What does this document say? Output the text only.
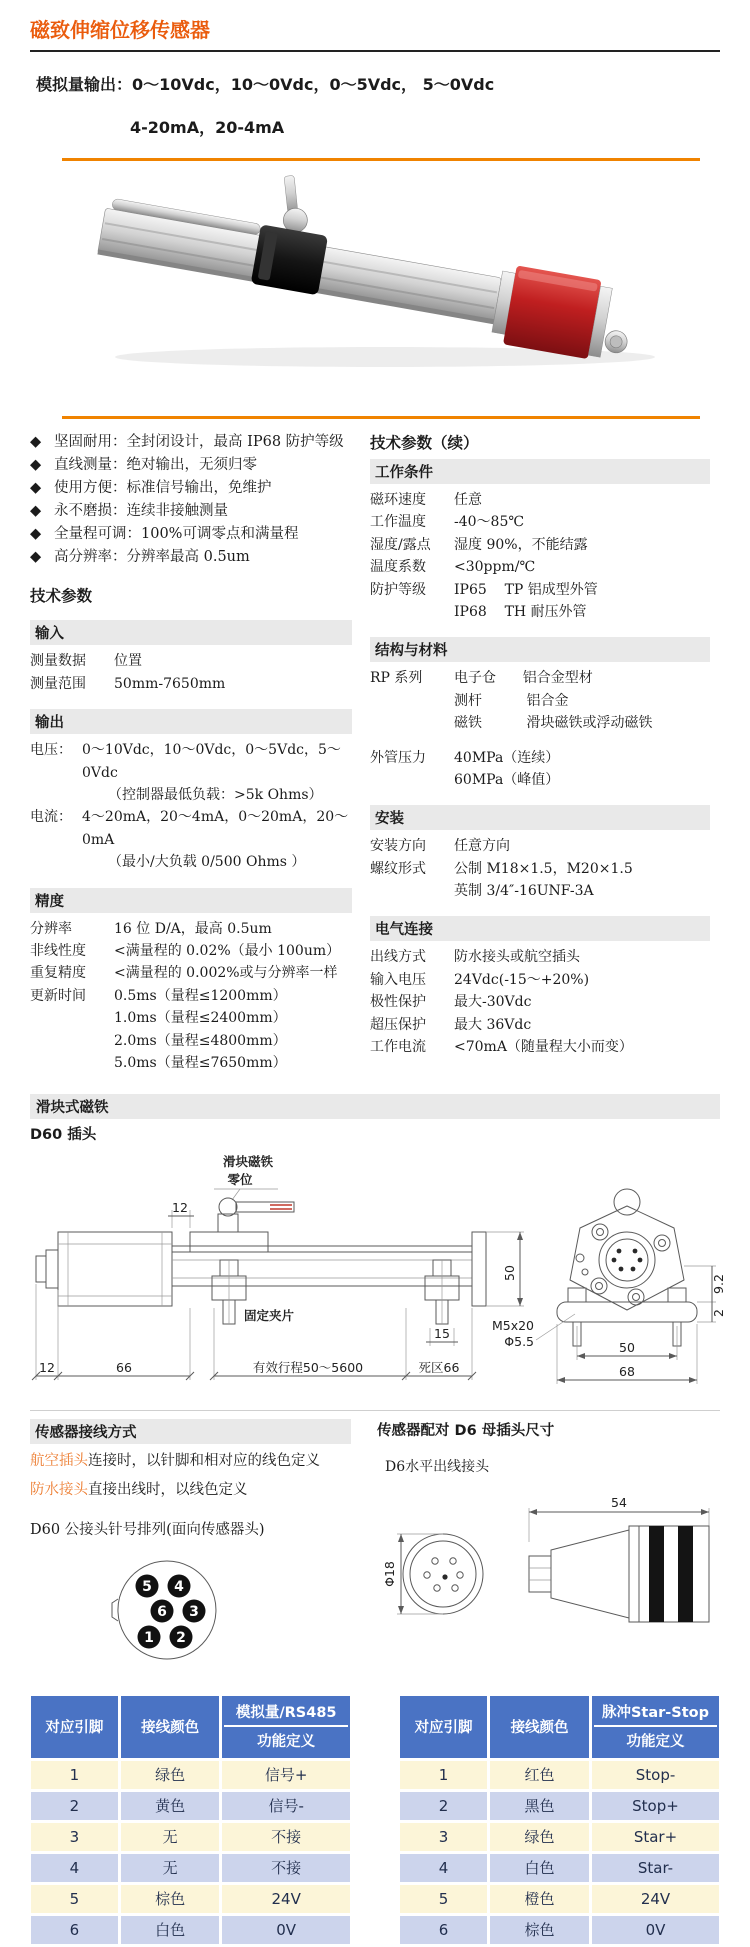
磁致伸缩位移传感器
模拟量输出：0～10Vdc，10～0Vdc，0～5Vdc， 5～0Vdc
4-20mA，20-4mA
◆ 坚固耐用：全封闭设计，最高 IP68 防护等级
◆ 直线测量：绝对输出，无须归零
◆ 使用方便：标准信号输出，免维护
◆ 永不磨损：连续非接触测量
◆ 全量程可调：100%可调零点和满量程
◆ 高分辨率：分辨率最高 0.5um
技术参数
输入
测量数据	位置
测量范围	50mm-7650mm
输出
电压： 0～10Vdc，10～0Vdc，0～5Vdc，5～0Vdc
（控制器最低负载：>5k Ohms）
电流： 4～20mA，20～4mA，0～20mA，20～0mA
（最小/大负载 0/500 Ohms ）
精度
分辨率	16 位 D/A，最高 0.5um
非线性度	<满量程的 0.02%（最小 100um）
重复精度	<满量程的 0.002%或与分辨率一样
更新时间	0.5ms（量程≤1200mm）
1.0ms（量程≤2400mm）
2.0ms（量程≤4800mm）
5.0ms（量程≤7650mm）
技术参数（续）
工作条件
磁环速度	任意
工作温度	-40～85℃
湿度/露点	湿度 90%，不能结露
温度系数	<30ppm/℃
防护等级	IP65    TP 铝成型外管
IP68    TH 耐压外管
结构与材料
RP 系列	电子仓      铝合金型材
测杆          铝合金
磁铁          滑块磁铁或浮动磁铁
外管压力	40MPa（连续）
60MPa（峰值）
安装
安装方向	任意方向
螺纹形式	公制 M18×1.5，M20×1.5
英制 3/4″-16UNF-3A
电气连接
出线方式	防水接头或航空插头
输入电压	24Vdc(-15～+20%)
极性保护	最大-30Vdc
超压保护	最大 36Vdc
工作电流	<70mA（随量程大小而变）
滑块式磁铁
D60 插头
滑块磁铁
零位
12
固定夹片
15
12	66	有效行程50～5600	死区66
50
9.2
2
M5x20
Φ5.5	50
68
传感器接线方式
航空插头连接时，以针脚和相对应的线色定义
防水接头直接出线时，以线色定义
D60 公接头针号排列(面向传感器头)
5 4
6 3
1 2
传感器配对 D6 母插头尺寸
D6水平出线接头
Φ18
54
对应引脚	接线颜色	模拟量/RS485
功能定义

1	绿色	信号+
2	黄色	信号-
3	无	不接
4	无	不接
5	棕色	24V
6	白色	0V
对应引脚	接线颜色	脉冲Star-Stop
功能定义

1	红色	Stop-
2	黑色	Stop+
3	绿色	Star+
4	白色	Star-
5	橙色	24V
6	棕色	0V
